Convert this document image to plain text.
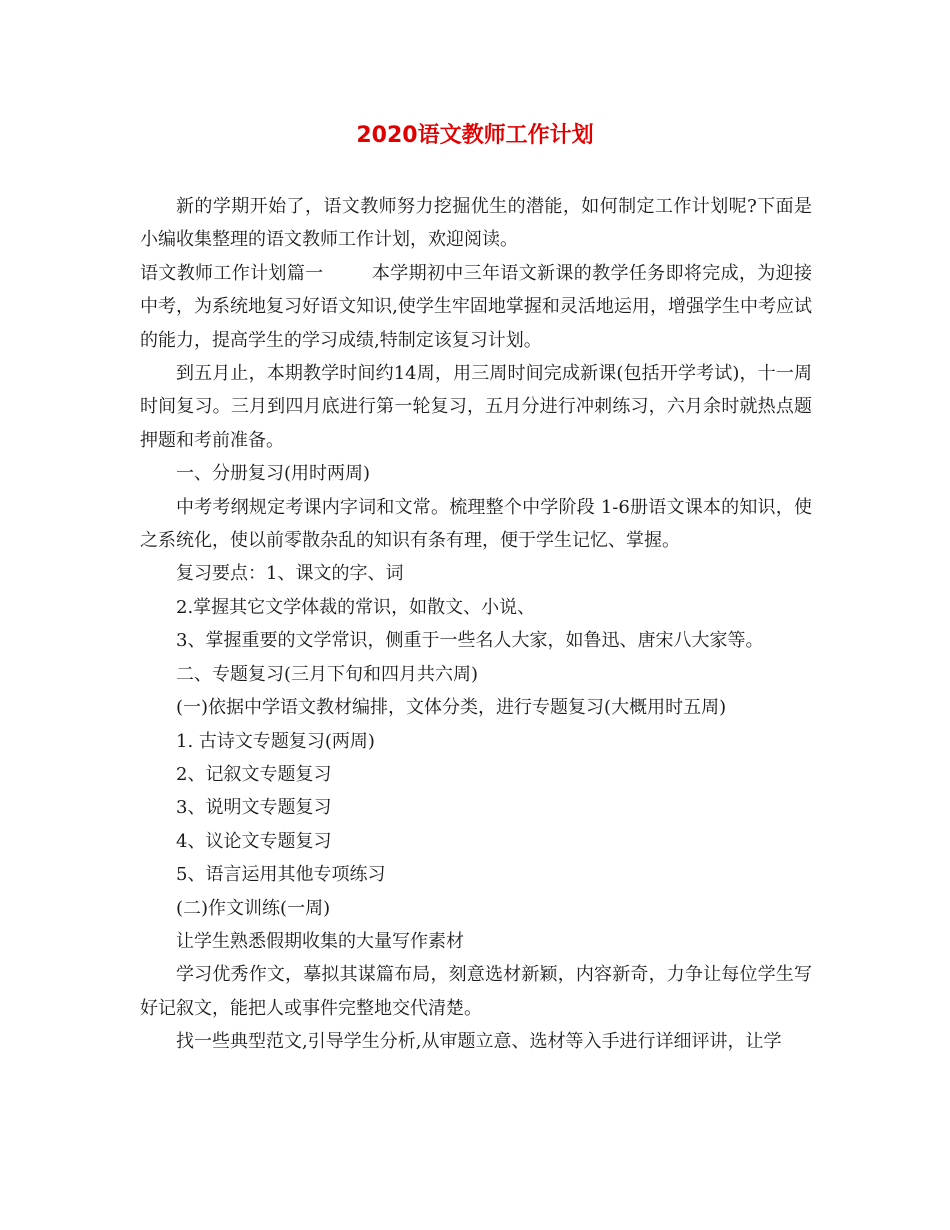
2020语文教师工作计划

新的学期开始了，语文教师努力挖掘优生的潜能，如何制定工作计划呢?下面是小编收集整理的语文教师工作计划，欢迎阅读。

语文教师工作计划篇一	本学期初中三年语文新课的教学任务即将完成，为迎接中考，为系统地复习好语文知识,使学生牢固地掌握和灵活地运用，增强学生中考应试的能力，提高学生的学习成绩,特制定该复习计划。

到五月止，本期教学时间约14周，用三周时间完成新课(包括开学考试)，十一周时间复习。三月到四月底进行第一轮复习，五月分进行冲刺练习，六月余时就热点题押题和考前准备。

一、分册复习(用时两周)

中考考纲规定考课内字词和文常。梳理整个中学阶段 1-6册语文课本的知识，使之系统化，使以前零散杂乱的知识有条有理，便于学生记忆、掌握。

复习要点：1、课文的字、词

2.掌握其它文学体裁的常识，如散文、小说、

3、掌握重要的文学常识，侧重于一些名人大家，如鲁迅、唐宋八大家等。

二、专题复习(三月下旬和四月共六周)

(一)依据中学语文教材编排，文体分类，进行专题复习(大概用时五周)

1. 古诗文专题复习(两周)

2、记叙文专题复习

3、说明文专题复习

4、议论文专题复习

5、语言运用其他专项练习

(二)作文训练(一周)

让学生熟悉假期收集的大量写作素材

学习优秀作文，摹拟其谋篇布局，刻意选材新颖，内容新奇，力争让每位学生写好记叙文，能把人或事件完整地交代清楚。

找一些典型范文,引导学生分析,从审题立意、选材等入手进行详细评讲，让学
